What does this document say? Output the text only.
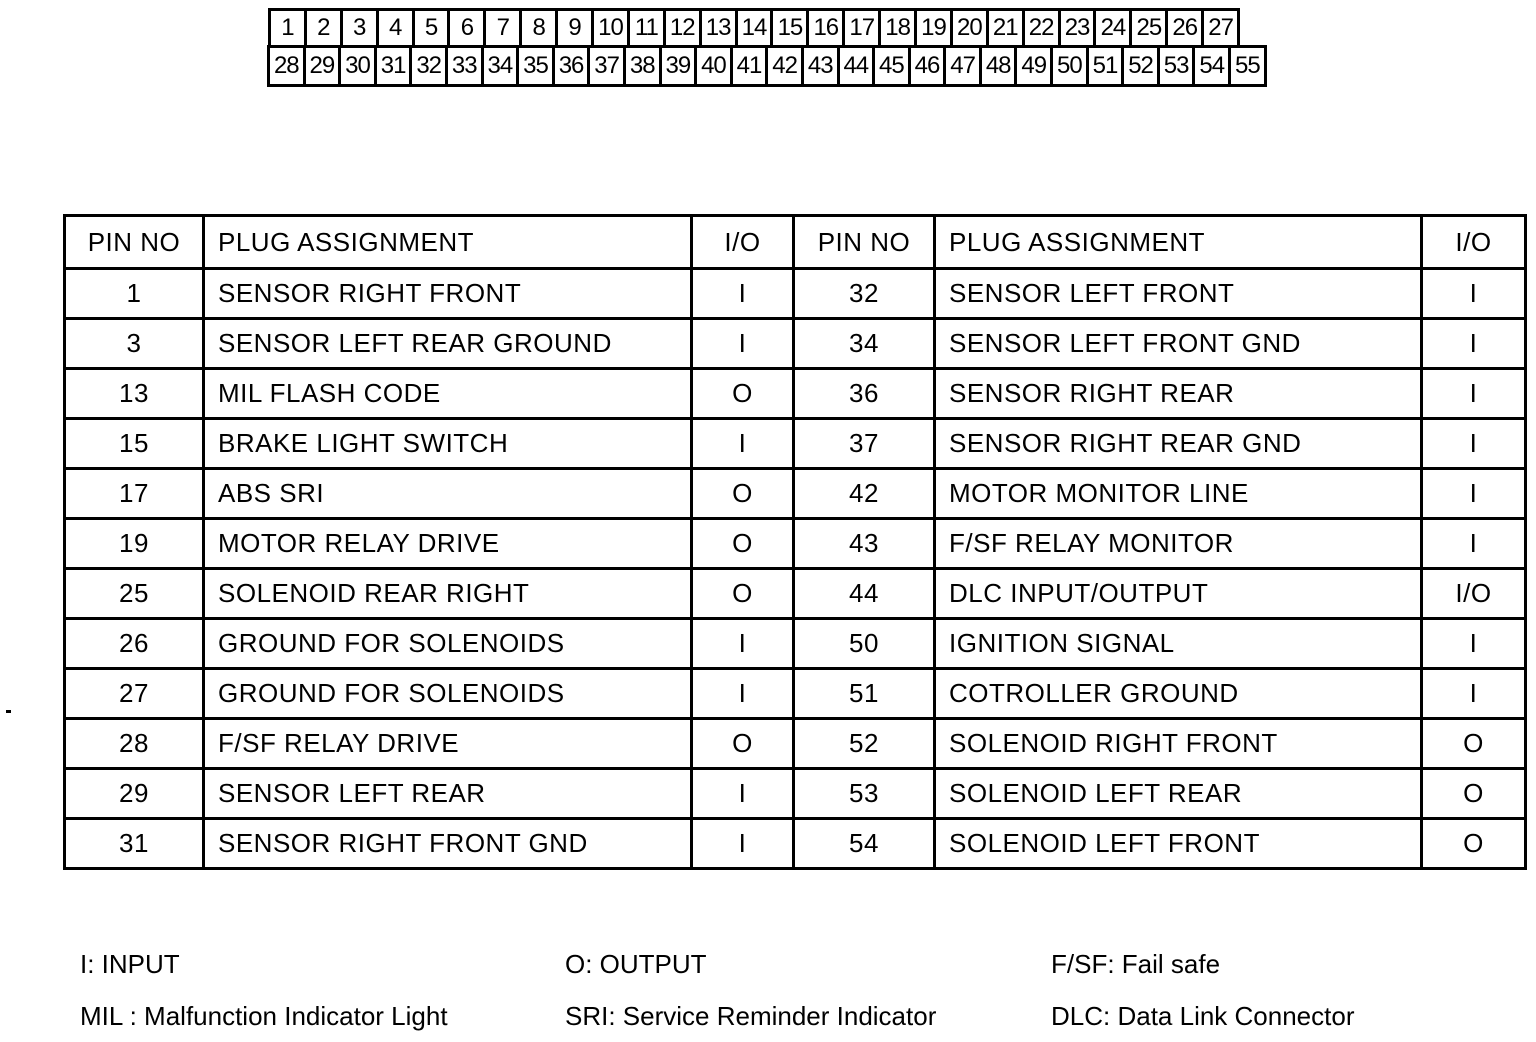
1 2 3 4 5 6 7 8 9 10 11 12 13 14 15 16 17 18 19 20 21 22 23 24 25 26 27
28 29 30 31 32 33 34 35 36 37 38 39 40 41 42 43 44 45 46 47 48 49 50 51 52 53 54 55
PIN NO	PLUG ASSIGNMENT	I/O	PIN NO	PLUG ASSIGNMENT	I/O
1	SENSOR RIGHT FRONT	I	32	SENSOR LEFT FRONT	I
3	SENSOR LEFT REAR GROUND	I	34	SENSOR LEFT FRONT GND	I
13	MIL FLASH CODE	O	36	SENSOR RIGHT REAR	I
15	BRAKE LIGHT SWITCH	I	37	SENSOR RIGHT REAR GND	I
17	ABS SRI	O	42	MOTOR MONITOR LINE	I
19	MOTOR RELAY DRIVE	O	43	F/SF RELAY MONITOR	I
25	SOLENOID REAR RIGHT	O	44	DLC INPUT/OUTPUT	I/O
26	GROUND FOR SOLENOIDS	I	50	IGNITION SIGNAL	I
27	GROUND FOR SOLENOIDS	I	51	COTROLLER GROUND	I
28	F/SF RELAY DRIVE	O	52	SOLENOID RIGHT FRONT	O
29	SENSOR LEFT REAR	I	53	SOLENOID LEFT REAR	O
31	SENSOR RIGHT FRONT GND	I	54	SOLENOID LEFT FRONT	O
I: INPUT	O: OUTPUT	F/SF: Fail safe
MIL : Malfunction Indicator Light	SRI: Service Reminder Indicator	DLC: Data Link Connector
